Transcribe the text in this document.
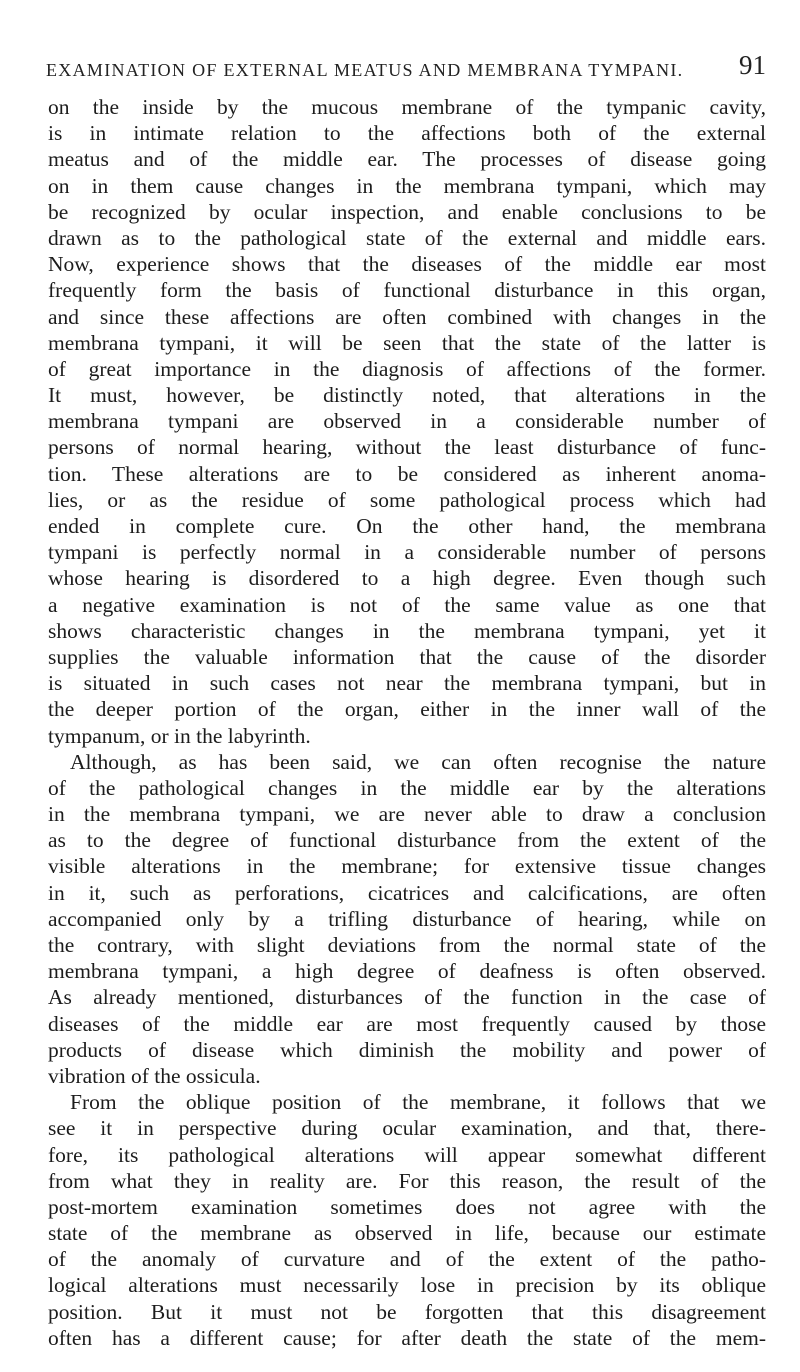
EXAMINATION OF EXTERNAL MEATUS AND MEMBRANA TYMPANI. 91
on the inside by the mucous membrane of the tympanic cavity,
is in intimate relation to the affections both of the external
meatus and of the middle ear. The processes of disease going
on in them cause changes in the membrana tympani, which may
be recognized by ocular inspection, and enable conclusions to be
drawn as to the pathological state of the external and middle ears.
Now, experience shows that the diseases of the middle ear most
frequently form the basis of functional disturbance in this organ,
and since these affections are often combined with changes in the
membrana tympani, it will be seen that the state of the latter is
of great importance in the diagnosis of affections of the former.
It must, however, be distinctly noted, that alterations in the
membrana tympani are observed in a considerable number of
persons of normal hearing, without the least disturbance of func-
tion. These alterations are to be considered as inherent anoma-
lies, or as the residue of some pathological process which had
ended in complete cure. On the other hand, the membrana
tympani is perfectly normal in a considerable number of persons
whose hearing is disordered to a high degree. Even though such
a negative examination is not of the same value as one that
shows characteristic changes in the membrana tympani, yet it
supplies the valuable information that the cause of the disorder
is situated in such cases not near the membrana tympani, but in
the deeper portion of the organ, either in the inner wall of the
tympanum, or in the labyrinth.
Although, as has been said, we can often recognise the nature
of the pathological changes in the middle ear by the alterations
in the membrana tympani, we are never able to draw a conclusion
as to the degree of functional disturbance from the extent of the
visible alterations in the membrane; for extensive tissue changes
in it, such as perforations, cicatrices and calcifications, are often
accompanied only by a trifling disturbance of hearing, while on
the contrary, with slight deviations from the normal state of the
membrana tympani, a high degree of deafness is often observed.
As already mentioned, disturbances of the function in the case of
diseases of the middle ear are most frequently caused by those
products of disease which diminish the mobility and power of
vibration of the ossicula.
From the oblique position of the membrane, it follows that we
see it in perspective during ocular examination, and that, there-
fore, its pathological alterations will appear somewhat different
from what they in reality are. For this reason, the result of the
post-mortem examination sometimes does not agree with the
state of the membrane as observed in life, because our estimate
of the anomaly of curvature and of the extent of the patho-
logical alterations must necessarily lose in precision by its oblique
position. But it must not be forgotten that this disagreement
often has a different cause; for after death the state of the mem-
